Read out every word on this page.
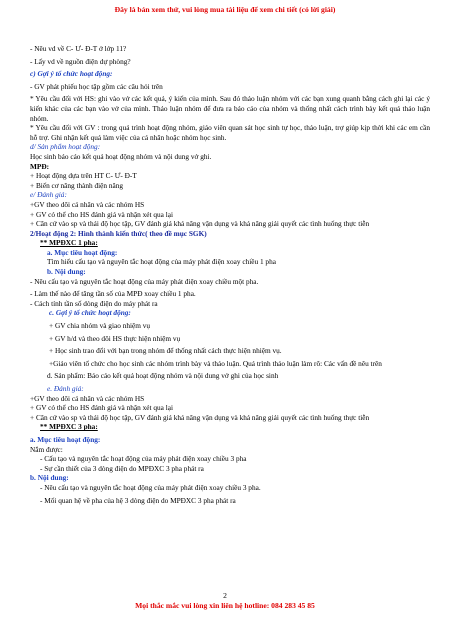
Đây là bản xem thử, vui lòng mua tài liệu để xem chi tiết (có lời giải)

- Nêu vd về C- Ư- Đ-T ở lớp 11?

- Lấy vd về nguồn điện dự phòng?

c) Gợi ý tổ chức hoạt động:

- GV phát phiếu học tập gồm các câu hỏi trên

* Yêu cầu đối với HS: ghi vào vở các kết quả, ý kiến của mình. Sau đó thảo luận nhóm với các bạn xung quanh bằng cách ghi lại các ý kiến khác của các bạn vào vở của mình. Thảo luận nhóm để đưa ra báo cáo của nhóm và thống nhất cách trình bày kết quả thảo luận nhóm.

* Yêu cầu đối với GV : trong quá trình hoạt động nhóm, giáo viên quan sát học sinh tự học, thảo luận, trợ giúp kịp thời khi các em cần hỗ trợ. Ghi nhận kết quả làm việc của cá nhân hoặc nhóm học sinh.

d/ Sản phẩm hoạt động:

Học sinh báo cáo kết quả hoạt động nhóm và nội dung vở ghi.

MPĐ:

+ Hoạt động dựa trên HT C- Ư- Đ-T

+ Biến cơ năng thành điện năng

e/ Đánh giá:

+GV theo dõi cá nhân và các nhóm HS

+ GV có thể cho HS đánh giá và nhận xét qua lại

+ Căn cứ vào sp và thái độ học tập, GV đánh giá khả năng vận dụng và khả năng giải quyết các tình huống thực tiễn

2/Hoạt động 2: Hình thành kiến thức( theo đề mục SGK)

** MPĐXC 1 pha:

a. Mục tiêu hoạt động:

Tìm hiểu cấu tạo và nguyên tắc hoạt động của máy phát điện xoay chiều 1 pha

b. Nội dung:

- Nêu cấu tạo và nguyên tắc hoạt động của máy phát điện xoay chiều một pha.

- Làm thế nào để tăng tần số của MPĐ xoay chiều 1 pha.

- Cách tính tần số dòng điện do máy phát ra

c. Gợi ý tổ chức hoạt động:

+ GV chia nhóm và giao nhiệm vụ

+ GV h/d và theo dõi HS thực hiện nhiệm vụ

+ Học sinh trao đổi với bạn trong nhóm để thống nhất cách thực hiện nhiệm vụ.

+Giáo viên tổ chức cho học sinh các nhóm trình bày và thảo luận. Quá trình thảo luận làm rõ: Các vấn đề nêu trên

d. Sản phẩm: Báo cáo kết quả hoạt động nhóm và nội dung vở ghi của học sinh

e. Đánh giá:

+GV theo dõi cá nhân và các nhóm HS

+ GV có thể cho HS đánh giá và nhận xét qua lại

+ Căn cứ vào sp và thái độ học tập, GV đánh giá khả năng vận dụng và khả năng giải quyết các tình huống thực tiễn

** MPĐXC 3 pha:

a. Mục tiêu hoạt động:

Nắm được:

- Cấu tạo và nguyên tắc hoạt động của máy phát điện xoay chiều 3 pha

- Sự cần thiết của 3 dòng điện do MPĐXC 3 pha phát ra

b. Nội dung:

- Nêu cấu tạo và nguyên tắc hoạt động của máy phát điện xoay chiều 3 pha.

- Mối quan hệ về pha của hệ 3 dòng điện do MPĐXC 3 pha phát ra

2
Mọi thắc mắc vui lòng xin liên hệ hotline: 084 283 45 85
